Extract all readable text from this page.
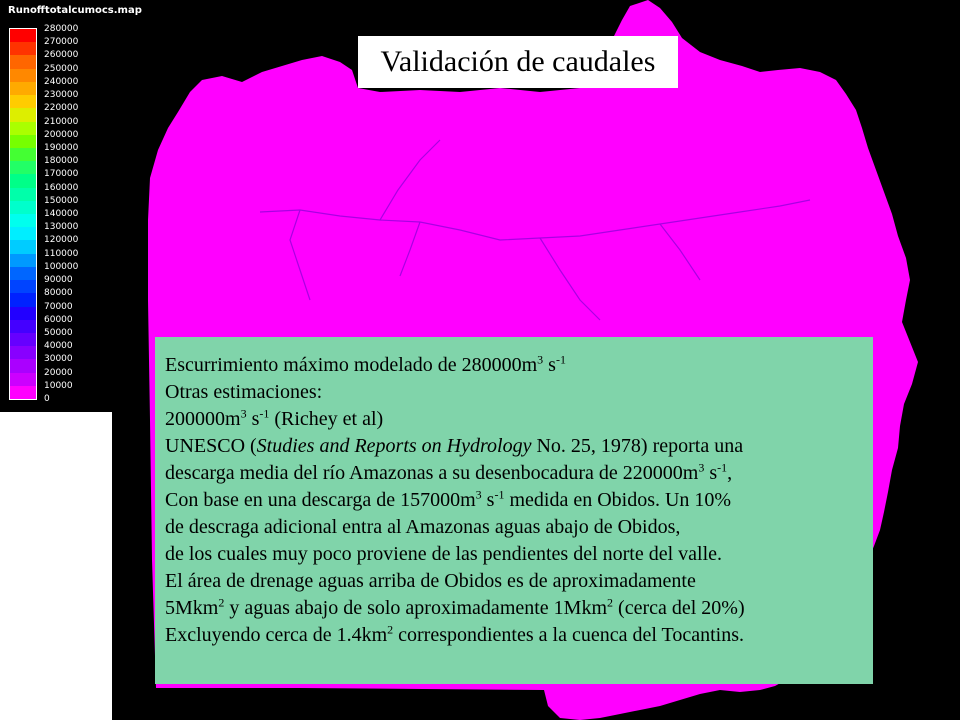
Runofftotalcumocs.map
280000
270000
260000
250000
240000
230000
220000
210000
200000
190000
180000
170000
160000
150000
140000
130000
120000
110000
100000
90000
80000
70000
60000
50000
40000
30000
20000
10000
0
Validación de caudales
Escurrimiento máximo modelado de $280000m^3$ $s^{-1}$
Otras estimaciones:
$200000m^3$ $s^{-1}$ (Richey et al)
UNESCO (Studies and Reports on Hydrology No. 25, 1978) reporta una
descarga media del río Amazonas a su desenbocadura de $220000m^3$ $s^{-1}$,
Con base en una descarga de $157000m^3$ $s^{-1}$ medida en Obidos. Un 10%
de descraga adicional entra al Amazonas aguas abajo de Obidos,
de los cuales muy poco proviene de las pendientes del norte del valle.
El área de drenage aguas arriba de Obidos es de aproximadamente
5Mkm$^2$ y aguas abajo de solo aproximadamente 1Mkm$^2$ (cerca del 20%)
Excluyendo cerca de $1.4km^2$ correspondientes a la cuenca del Tocantins.
